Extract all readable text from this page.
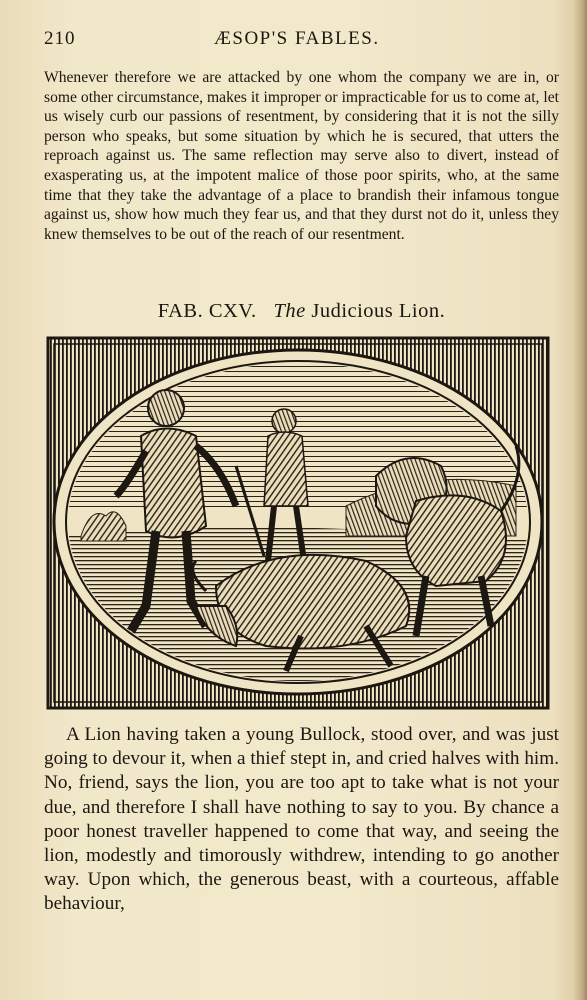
210	ÆSOP'S FABLES.

Whenever therefore we are attacked by one whom the company we are in, or some other circumstance, makes it improper or impracticable for us to come at, let us wisely curb our passions of resentment, by considering that it is not the silly person who speaks, but some situation by which he is secured, that utters the reproach against us. The same reflection may serve also to divert, instead of exasperating us, at the impotent malice of those poor spirits, who, at the same time that they take the advantage of a place to brandish their infamous tongue against us, show how much they fear us, and that they durst not do it, unless they knew themselves to be out of the reach of our resentment.

FAB. CXV. The Judicious Lion.

A Lion having taken a young Bullock, stood over, and was just going to devour it, when a thief stept in, and cried halves with him. No, friend, says the lion, you are too apt to take what is not your due, and therefore I shall have nothing to say to you. By chance a poor honest traveller happened to come that way, and seeing the lion, modestly and timorously withdrew, intending to go another way. Upon which, the generous beast, with a courteous, affable behaviour,
